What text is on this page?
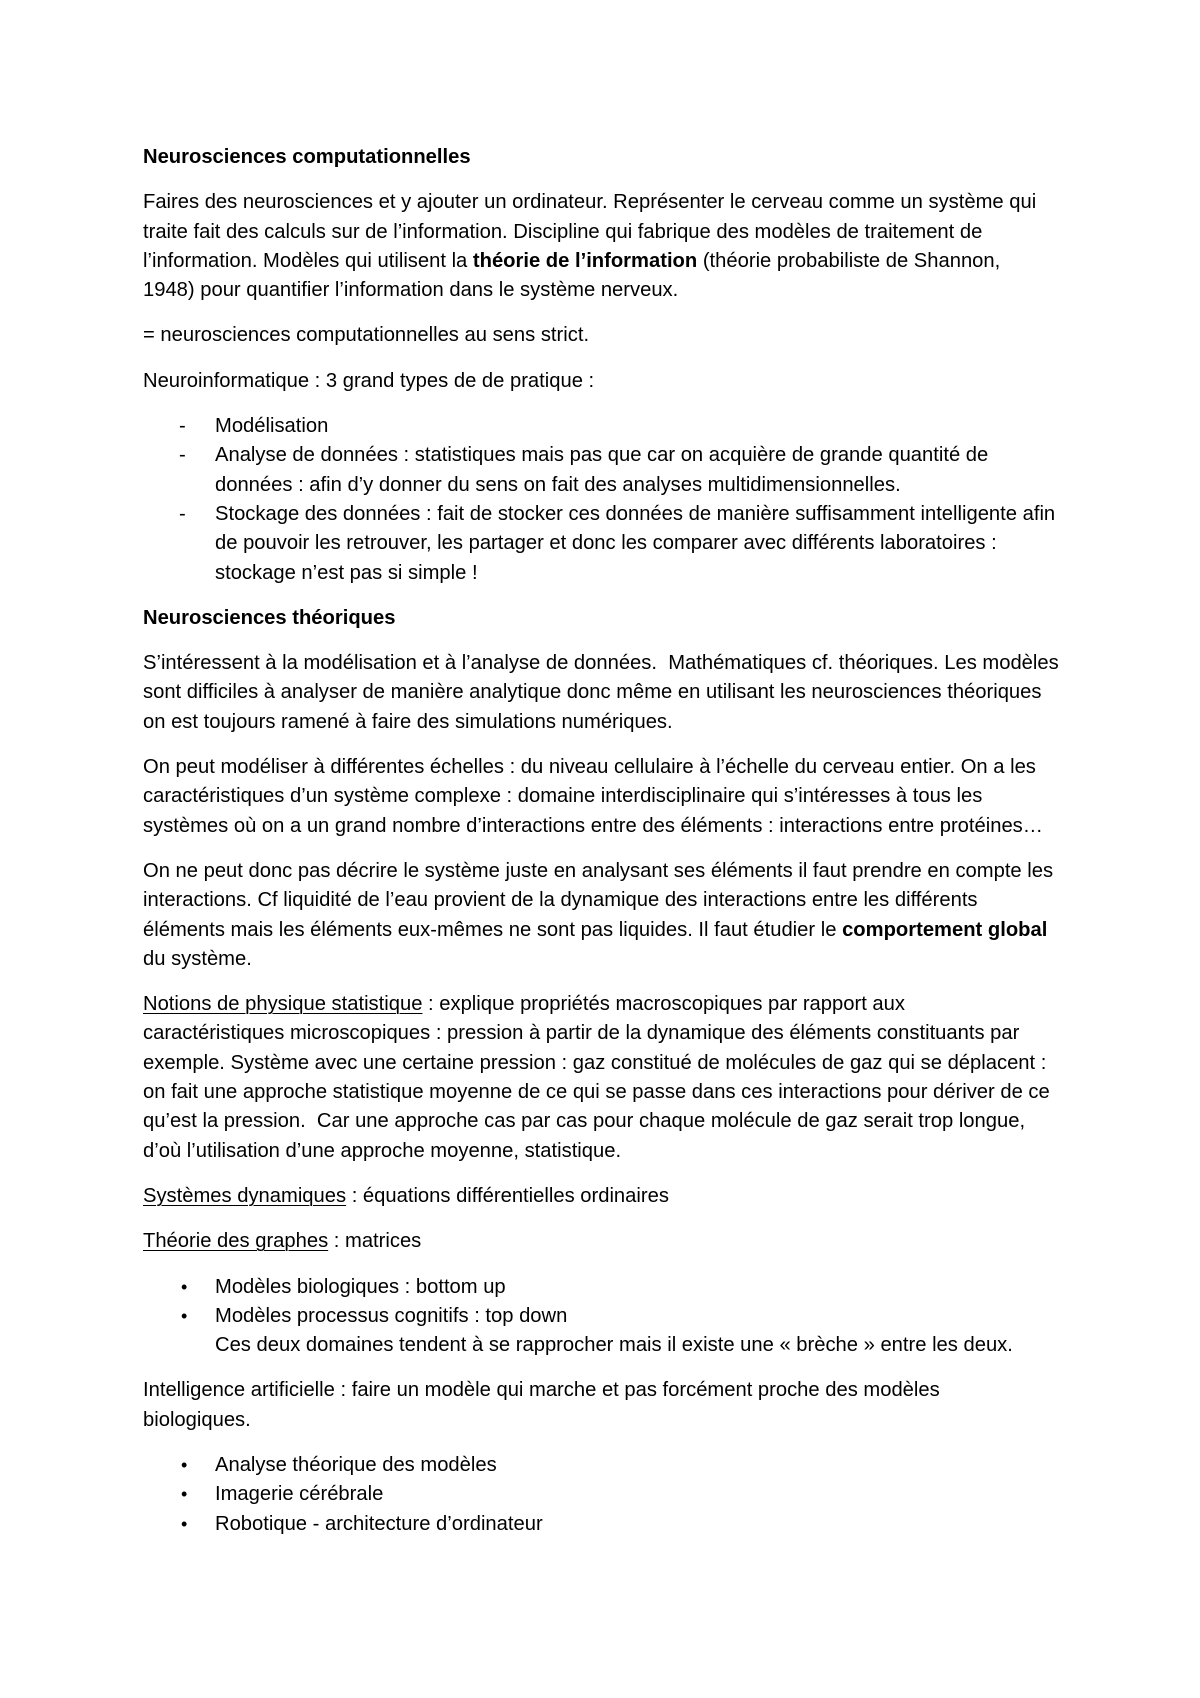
Neurosciences computationnelles
Faires des neurosciences et y ajouter un ordinateur. Représenter le cerveau comme un système qui
traite fait des calculs sur de l’information. Discipline qui fabrique des modèles de traitement de
l’information. Modèles qui utilisent la théorie de l’information (théorie probabiliste de Shannon,
1948) pour quantifier l’information dans le système nerveux.
= neurosciences computationnelles au sens strict.
Neuroinformatique : 3 grand types de de pratique :
- Modélisation
- Analyse de données : statistiques mais pas que car on acquière de grande quantité de
données : afin d’y donner du sens on fait des analyses multidimensionnelles.
- Stockage des données : fait de stocker ces données de manière suffisamment intelligente afin
de pouvoir les retrouver, les partager et donc les comparer avec différents laboratoires :
stockage n’est pas si simple !
Neurosciences théoriques
S’intéressent à la modélisation et à l’analyse de données.  Mathématiques cf. théoriques. Les modèles
sont difficiles à analyser de manière analytique donc même en utilisant les neurosciences théoriques
on est toujours ramené à faire des simulations numériques.
On peut modéliser à différentes échelles : du niveau cellulaire à l’échelle du cerveau entier. On a les
caractéristiques d’un système complexe : domaine interdisciplinaire qui s’intéresses à tous les
systèmes où on a un grand nombre d’interactions entre des éléments : interactions entre protéines…
On ne peut donc pas décrire le système juste en analysant ses éléments il faut prendre en compte les
interactions. Cf liquidité de l’eau provient de la dynamique des interactions entre les différents
éléments mais les éléments eux-mêmes ne sont pas liquides. Il faut étudier le comportement global
du système.
Notions de physique statistique : explique propriétés macroscopiques par rapport aux
caractéristiques microscopiques : pression à partir de la dynamique des éléments constituants par
exemple. Système avec une certaine pression : gaz constitué de molécules de gaz qui se déplacent :
on fait une approche statistique moyenne de ce qui se passe dans ces interactions pour dériver de ce
qu’est la pression.  Car une approche cas par cas pour chaque molécule de gaz serait trop longue,
d’où l’utilisation d’une approche moyenne, statistique.
Systèmes dynamiques : équations différentielles ordinaires
Théorie des graphes : matrices
• Modèles biologiques : bottom up
• Modèles processus cognitifs : top down
Ces deux domaines tendent à se rapprocher mais il existe une « brèche » entre les deux.
Intelligence artificielle : faire un modèle qui marche et pas forcément proche des modèles
biologiques.
• Analyse théorique des modèles
• Imagerie cérébrale
• Robotique - architecture d’ordinateur
